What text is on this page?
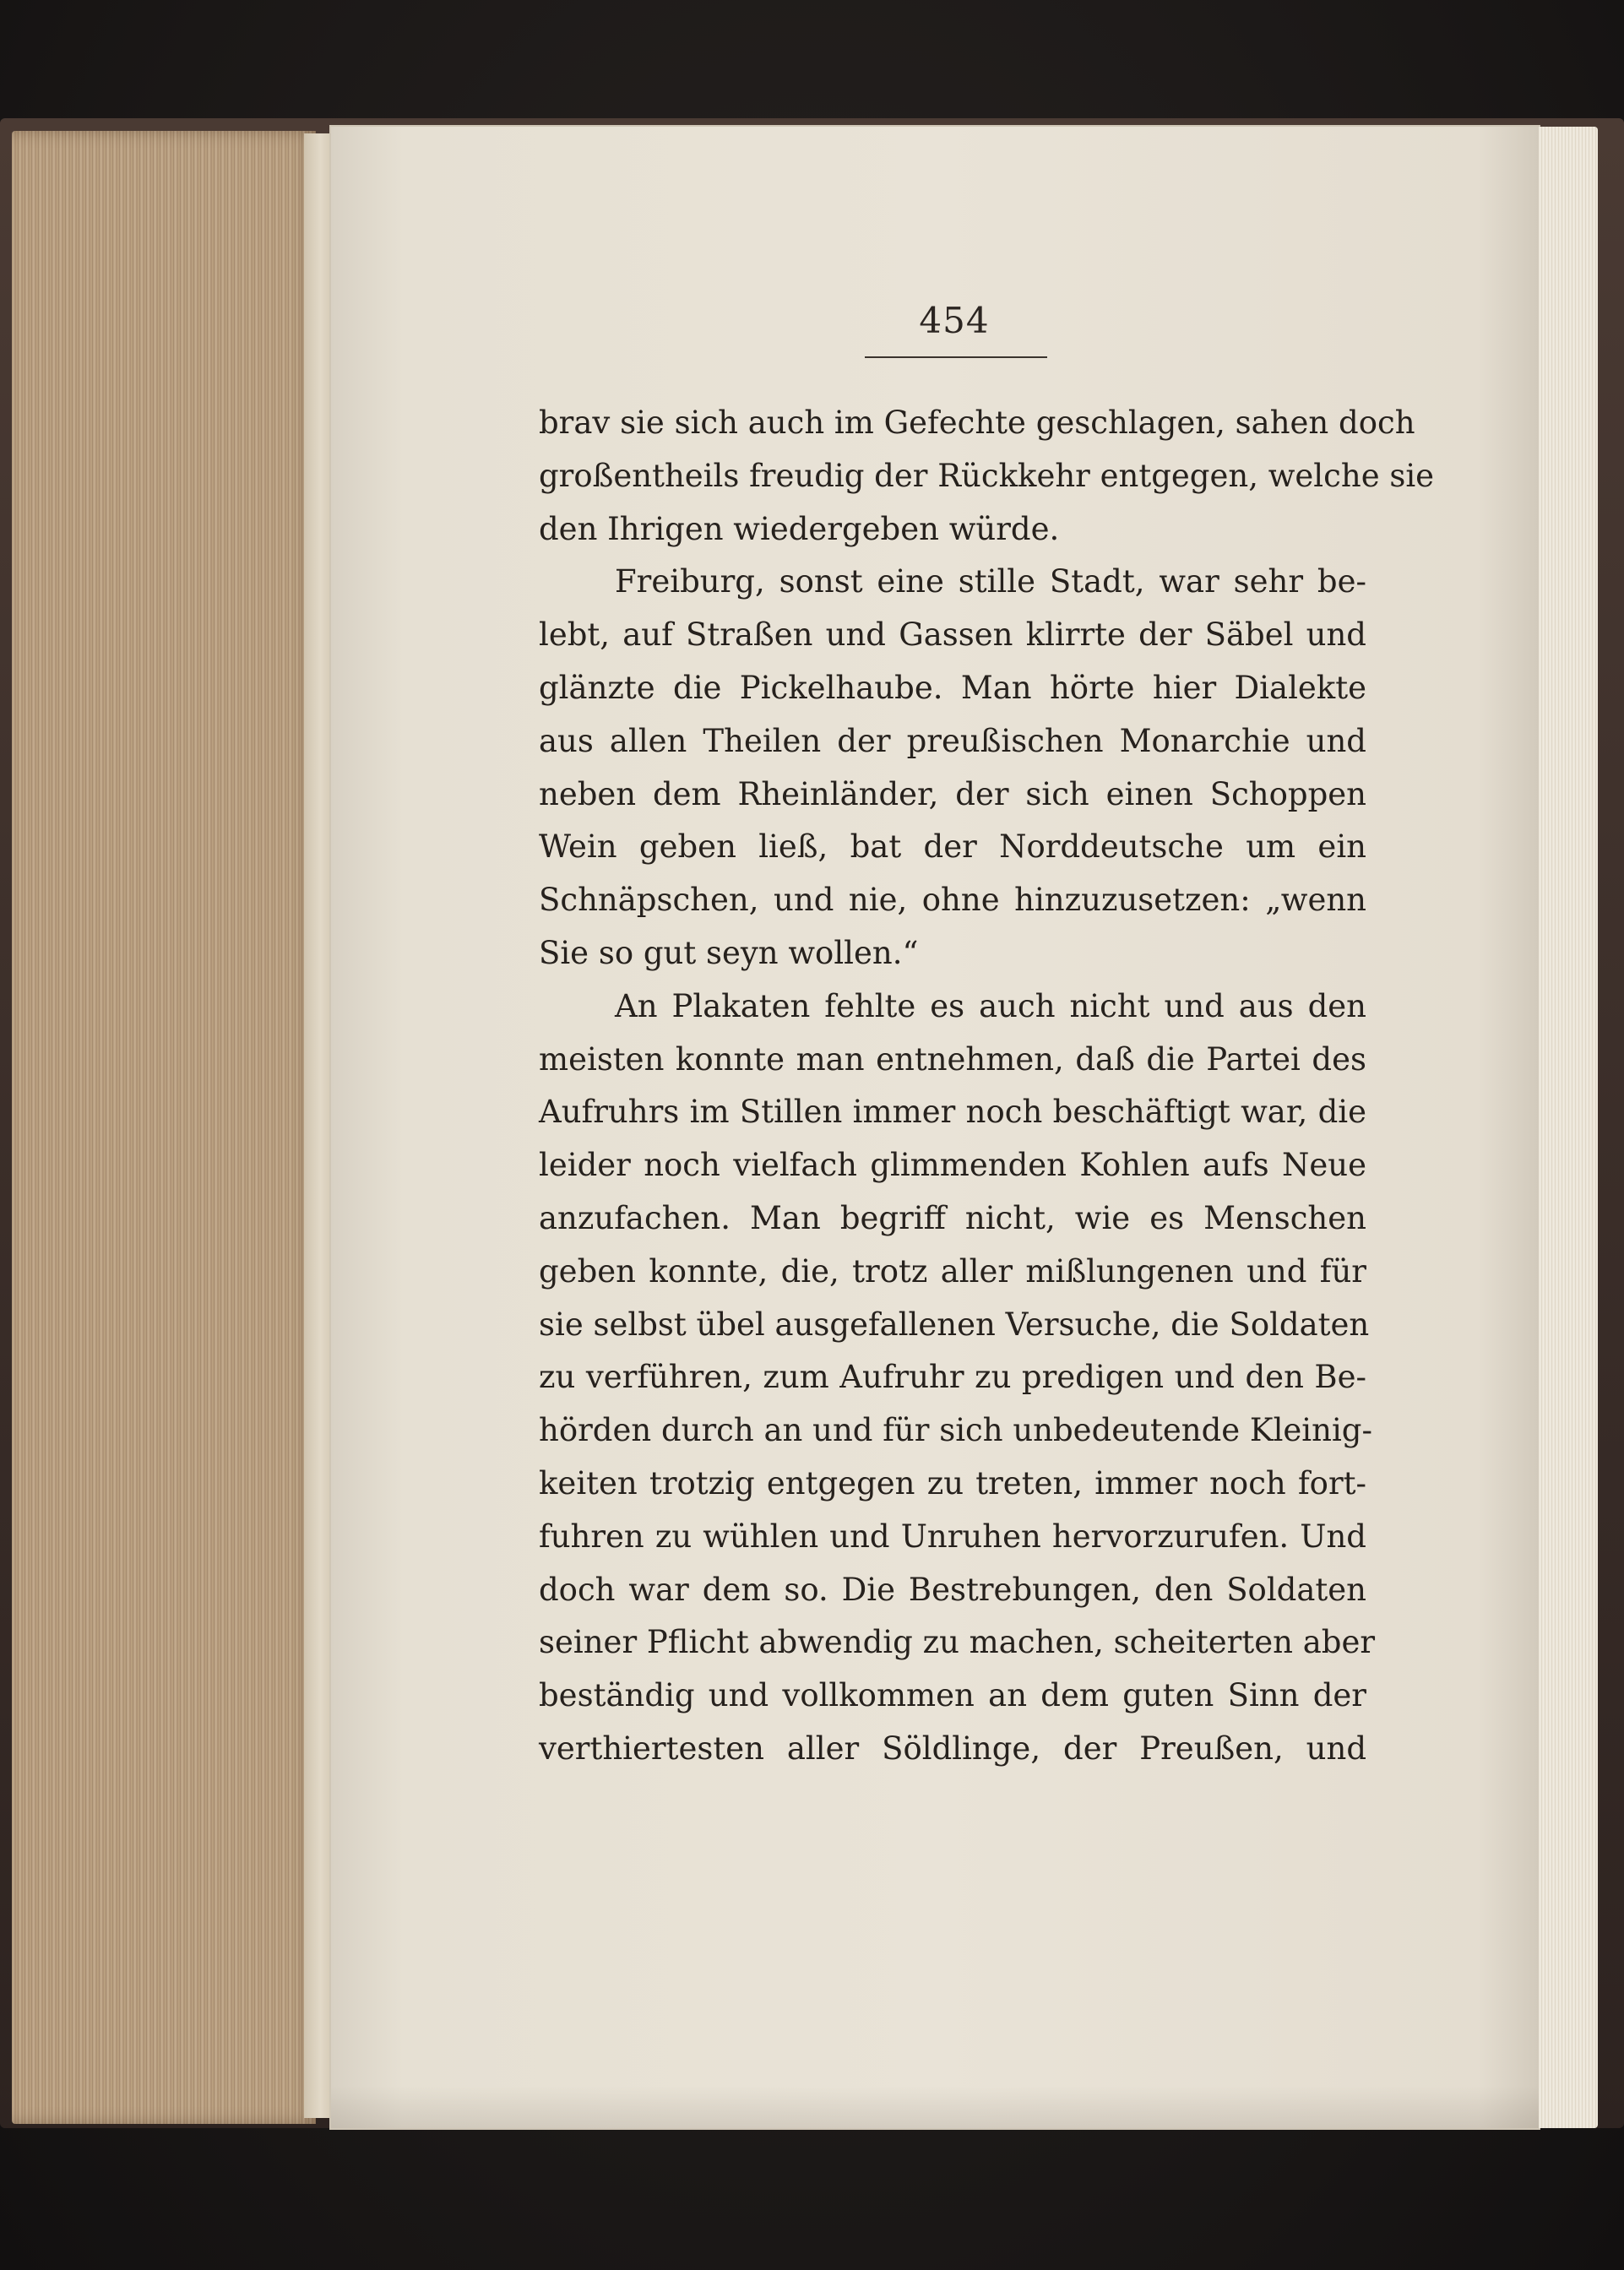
454
brav sie sich auch im Gefechte geschlagen, sahen doch
großentheils freudig der Rückkehr entgegen, welche sie
den Ihrigen wiedergeben würde.
Freiburg, sonst eine stille Stadt, war sehr be-
lebt, auf Straßen und Gassen klirrte der Säbel und
glänzte die Pickelhaube. Man hörte hier Dialekte
aus allen Theilen der preußischen Monarchie und
neben dem Rheinländer, der sich einen Schoppen
Wein geben ließ, bat der Norddeutsche um ein
Schnäpschen, und nie, ohne hinzuzusetzen: „wenn
Sie so gut seyn wollen.“
An Plakaten fehlte es auch nicht und aus den
meisten konnte man entnehmen, daß die Partei des
Aufruhrs im Stillen immer noch beschäftigt war, die
leider noch vielfach glimmenden Kohlen aufs Neue
anzufachen. Man begriff nicht, wie es Menschen
geben konnte, die, trotz aller mißlungenen und für
sie selbst übel ausgefallenen Versuche, die Soldaten
zu verführen, zum Aufruhr zu predigen und den Be-
hörden durch an und für sich unbedeutende Kleinig-
keiten trotzig entgegen zu treten, immer noch fort-
fuhren zu wühlen und Unruhen hervorzurufen. Und
doch war dem so. Die Bestrebungen, den Soldaten
seiner Pflicht abwendig zu machen, scheiterten aber
beständig und vollkommen an dem guten Sinn der
verthiertesten aller Söldlinge, der Preußen, und
